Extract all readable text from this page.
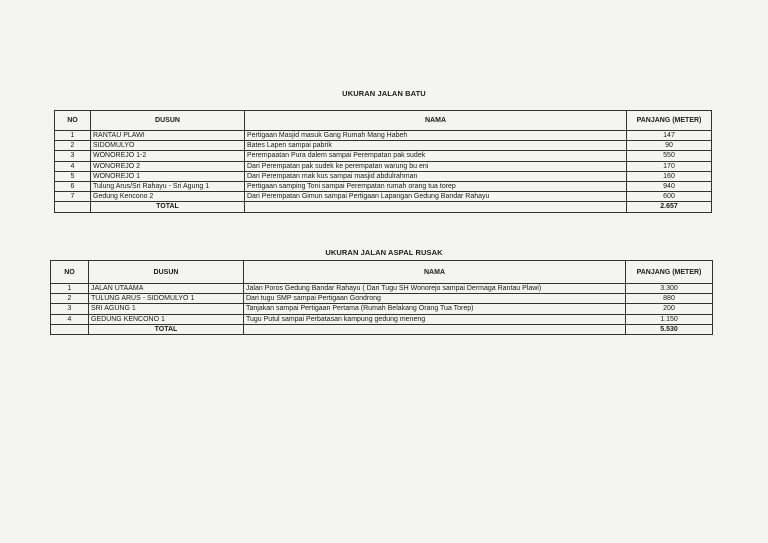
UKURAN JALAN BATU
NO	DUSUN	NAMA	PANJANG (METER)
1	RANTAU PLAWI	Pertigaan Masjid masuk Gang Rumah Mang Habeh	147
2	SIDOMULYO	Bates Lapen sampai pabrik	90
3	WONOREJO 1-2	Perempaatan Pura dalem sampai Perempatan pak sudek	550
4	WONOREJO 2	Dari Perempatan pak sudek ke perempatan warung bu eni	170
5	WONOREJO 1	Dari Perempatan mak kus sampai masjid abdulrahman	160
6	Tulung Arus/Sri Rahayu - Sri Agung 1	Pertigaan samping Toni sampai Perempatan rumah orang tua torep	940
7	Gedung Kencono 2	Dari Perempatan Gimun sampai Pertigaan Lapangan Gedung Bandar Rahayu	600
	TOTAL		2.657
UKURAN JALAN ASPAL RUSAK
NO	DUSUN	NAMA	PANJANG (METER)
1	JALAN UTAAMA	Jalan Poros Gedung Bandar Rahayu ( Dari Tugu SH Wonorejo sampai Dermaga Rantau Plawi)	3.300
2	TULUNG ARUS - SIDOMULYO 1	Dari tugu SMP sampai Pertigaan Gondrong	880
3	SRI AGUNG 1	Tanjakan sampai Pertigaan Pertama (Rumah Belakang Orang Tua Torep)	200
4	GEDUNG KENCONO 1	Tugu Putul sampai Perbatasan kampung gedung meneng	1.150
	TOTAL		5.530
